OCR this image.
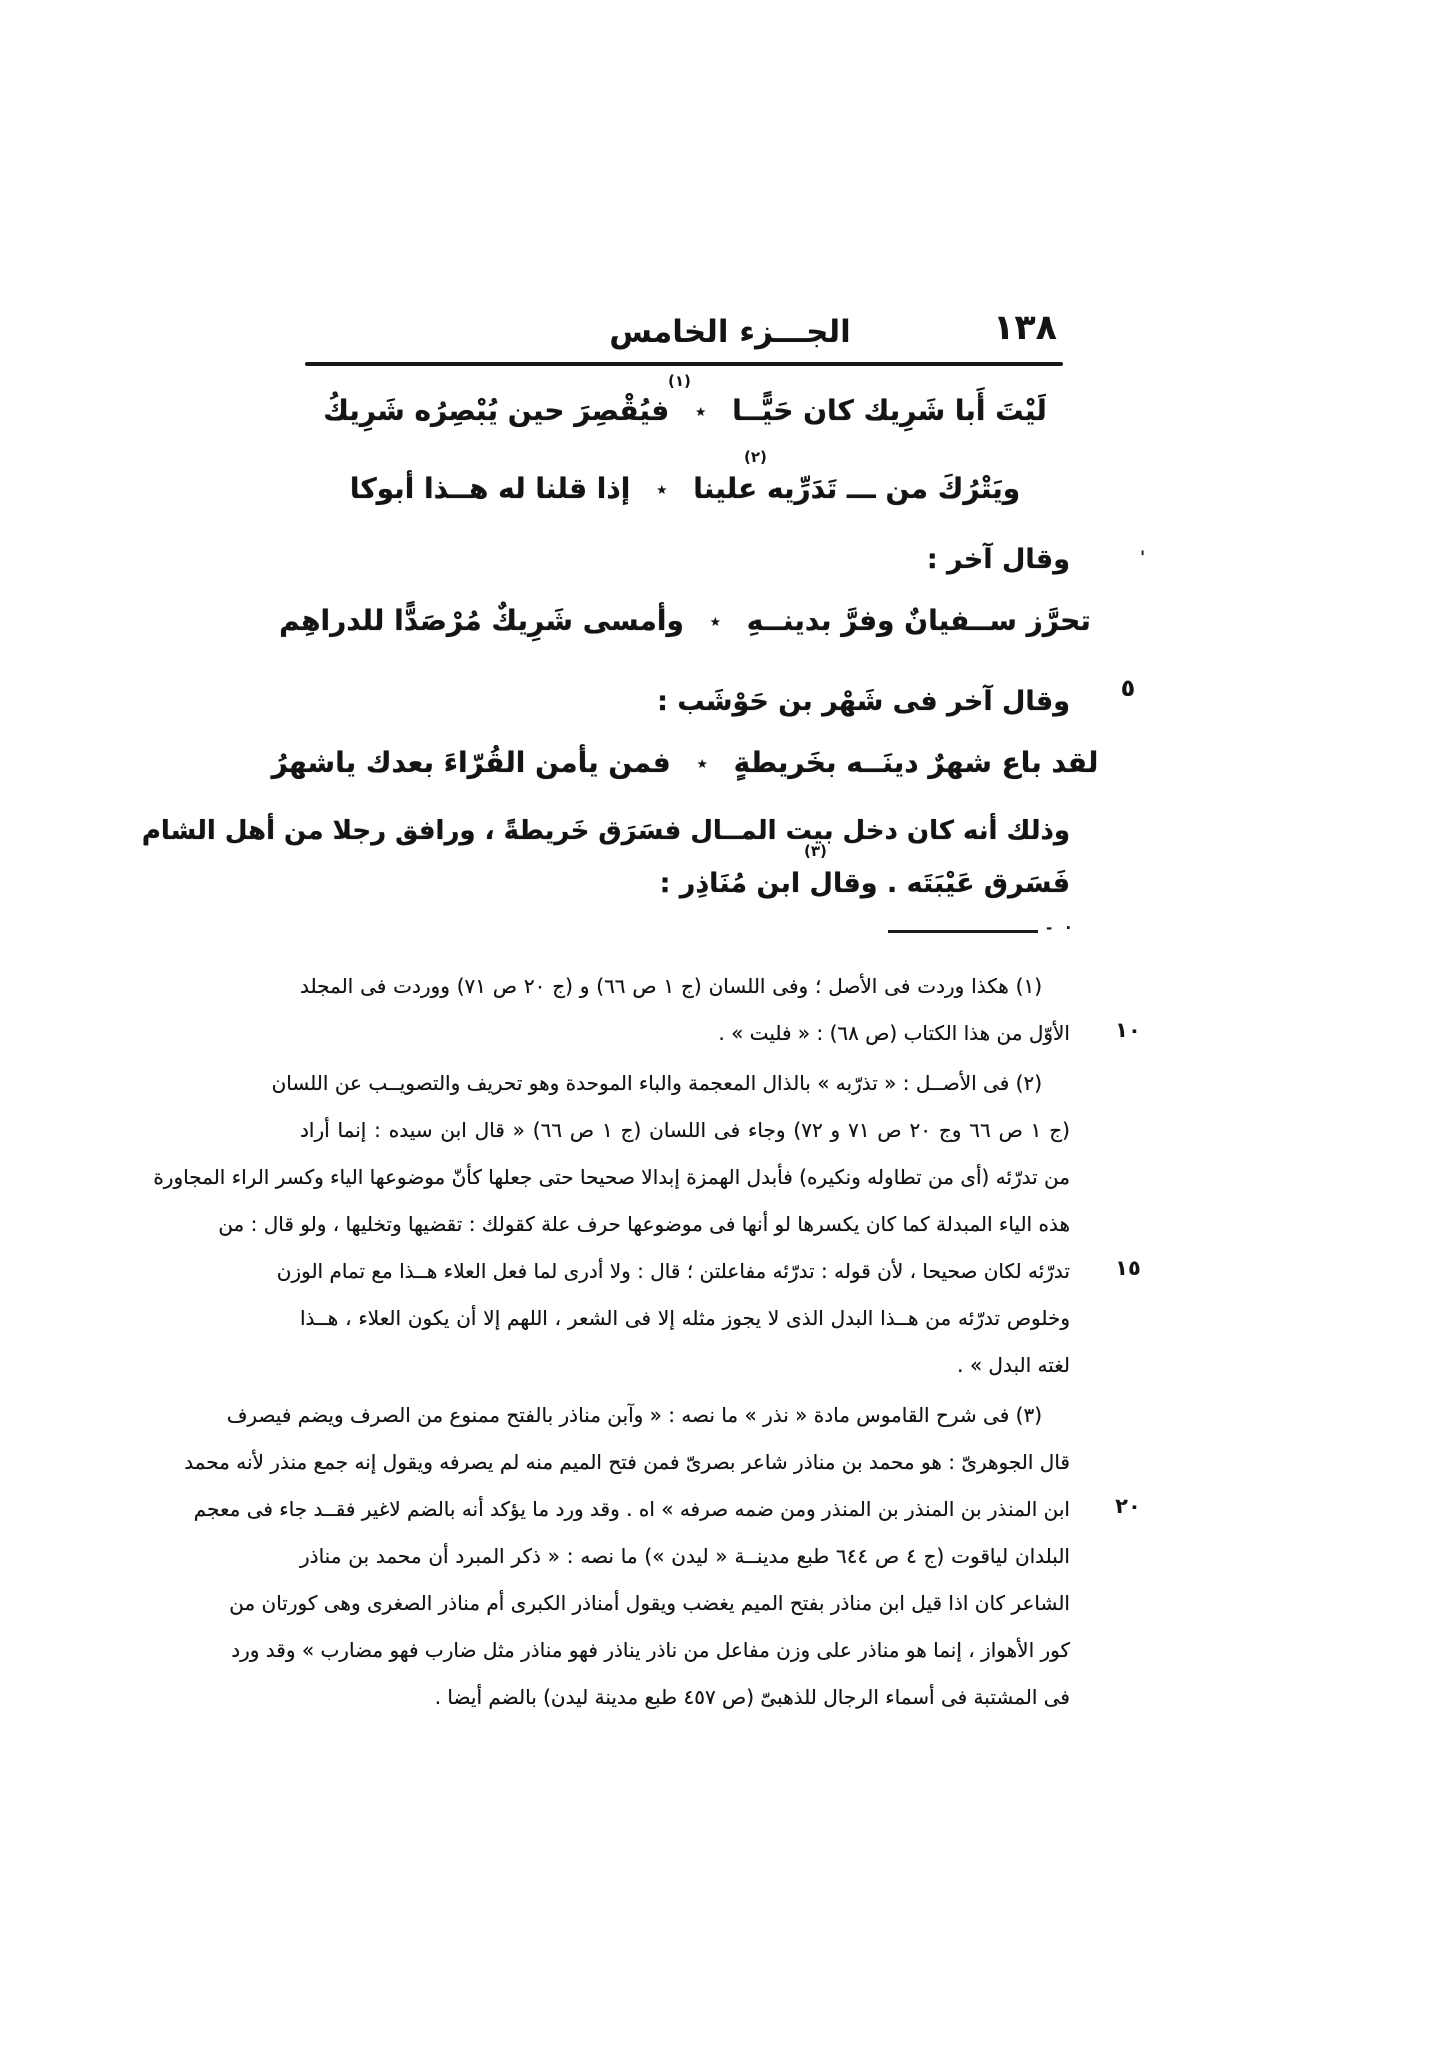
الجـــزء الخامس	١٣٨
(١)
لَيْتَ أَبا شَرِيك كان حَيًّــا
٭
فيُقْصِرَ حين يُبْصِرُه شَرِيكُ
(٢)
ويَتْرُكَ من ـــ تَدَرِّيه علينا
٭
إذا قلنا له هــذا أبوكا
وقال آخر :	'
تحرَّز ســفيانٌ وفرَّ بدينــهِ
٭
وأمسى شَرِيكٌ مُرْصَدًّا للدراهِم
وقال آخر فى شَهْر بن حَوْشَب :	٥
لقد باع شهرٌ دينَــه بخَريطةٍ
٭
فمن يأمن القُرّاءَ بعدك ياشهرُ
وذلك أنه كان دخل بيت المــال فسَرَق خَريطةً ، ورافق رجلا من أهل الشام
(٣)
فَسَرق عَيْبَتَه . وقال ابن مُنَاذِر :
- ·
(١) هكذا وردت فى الأصل ؛ وفى اللسان (ج ١ ص ٦٦) و (ج ٢٠ ص ٧١) ووردت فى المجلد
الأوّل من هذا الكتاب (ص ٦٨) : « فليت » .	١٠
(٢) فى الأصــل : « تذرّبه » بالذال المعجمة والباء الموحدة وهو تحريف والتصويــب عن اللسان
(ج ١ ص ٦٦ وج ٢٠ ص ٧١ و ٧٢) وجاء فى اللسان (ج ١ ص ٦٦) « قال ابن سيده : إنما أراد
من تدرّئه (أى من تطاوله ونكيره) فأبدل الهمزة إبدالا صحيحا حتى جعلها كأنّ موضوعها الياء وكسر الراء المجاورة
هذه الياء المبدلة كما كان يكسرها لو أنها فى موضوعها حرف علة كقولك : تقضيها وتخليها ، ولو قال : من
تدرّئه لكان صحيحا ، لأن قوله : تدرّئه مفاعلتن ؛ قال : ولا أدرى لما فعل العلاء هــذا مع تمام الوزن	١٥
وخلوص تدرّئه من هــذا البدل الذى لا يجوز مثله إلا فى الشعر ، اللهم إلا أن يكون العلاء ، هــذا
لغته البدل » .
(٣) فى شرح القاموس مادة « نذر » ما نصه : « وآبن مناذر بالفتح ممنوع من الصرف ويضم فيصرف
قال الجوهرىّ : هو محمد بن مناذر شاعر بصرىّ فمن فتح الميم منه لم يصرفه ويقول إنه جمع منذر لأنه محمد
ابن المنذر بن المنذر بن المنذر ومن ضمه صرفه » اه . وقد ورد ما يؤكد أنه بالضم لاغير فقــد جاء فى معجم	٢٠
البلدان لياقوت (ج ٤ ص ٦٤٤ طبع مدينــة « ليدن ») ما نصه : « ذكر المبرد أن محمد بن مناذر
الشاعر كان اذا قيل ابن مناذر بفتح الميم يغضب ويقول أمناذر الكبرى أم مناذر الصغرى وهى كورتان من
كور الأهواز ، إنما هو مناذر على وزن مفاعل من ناذر يناذر فهو مناذر مثل ضارب فهو مضارب » وقد ورد
فى المشتبة فى أسماء الرجال للذهبىّ (ص ٤٥٧ طبع مدينة ليدن) بالضم أيضا .
